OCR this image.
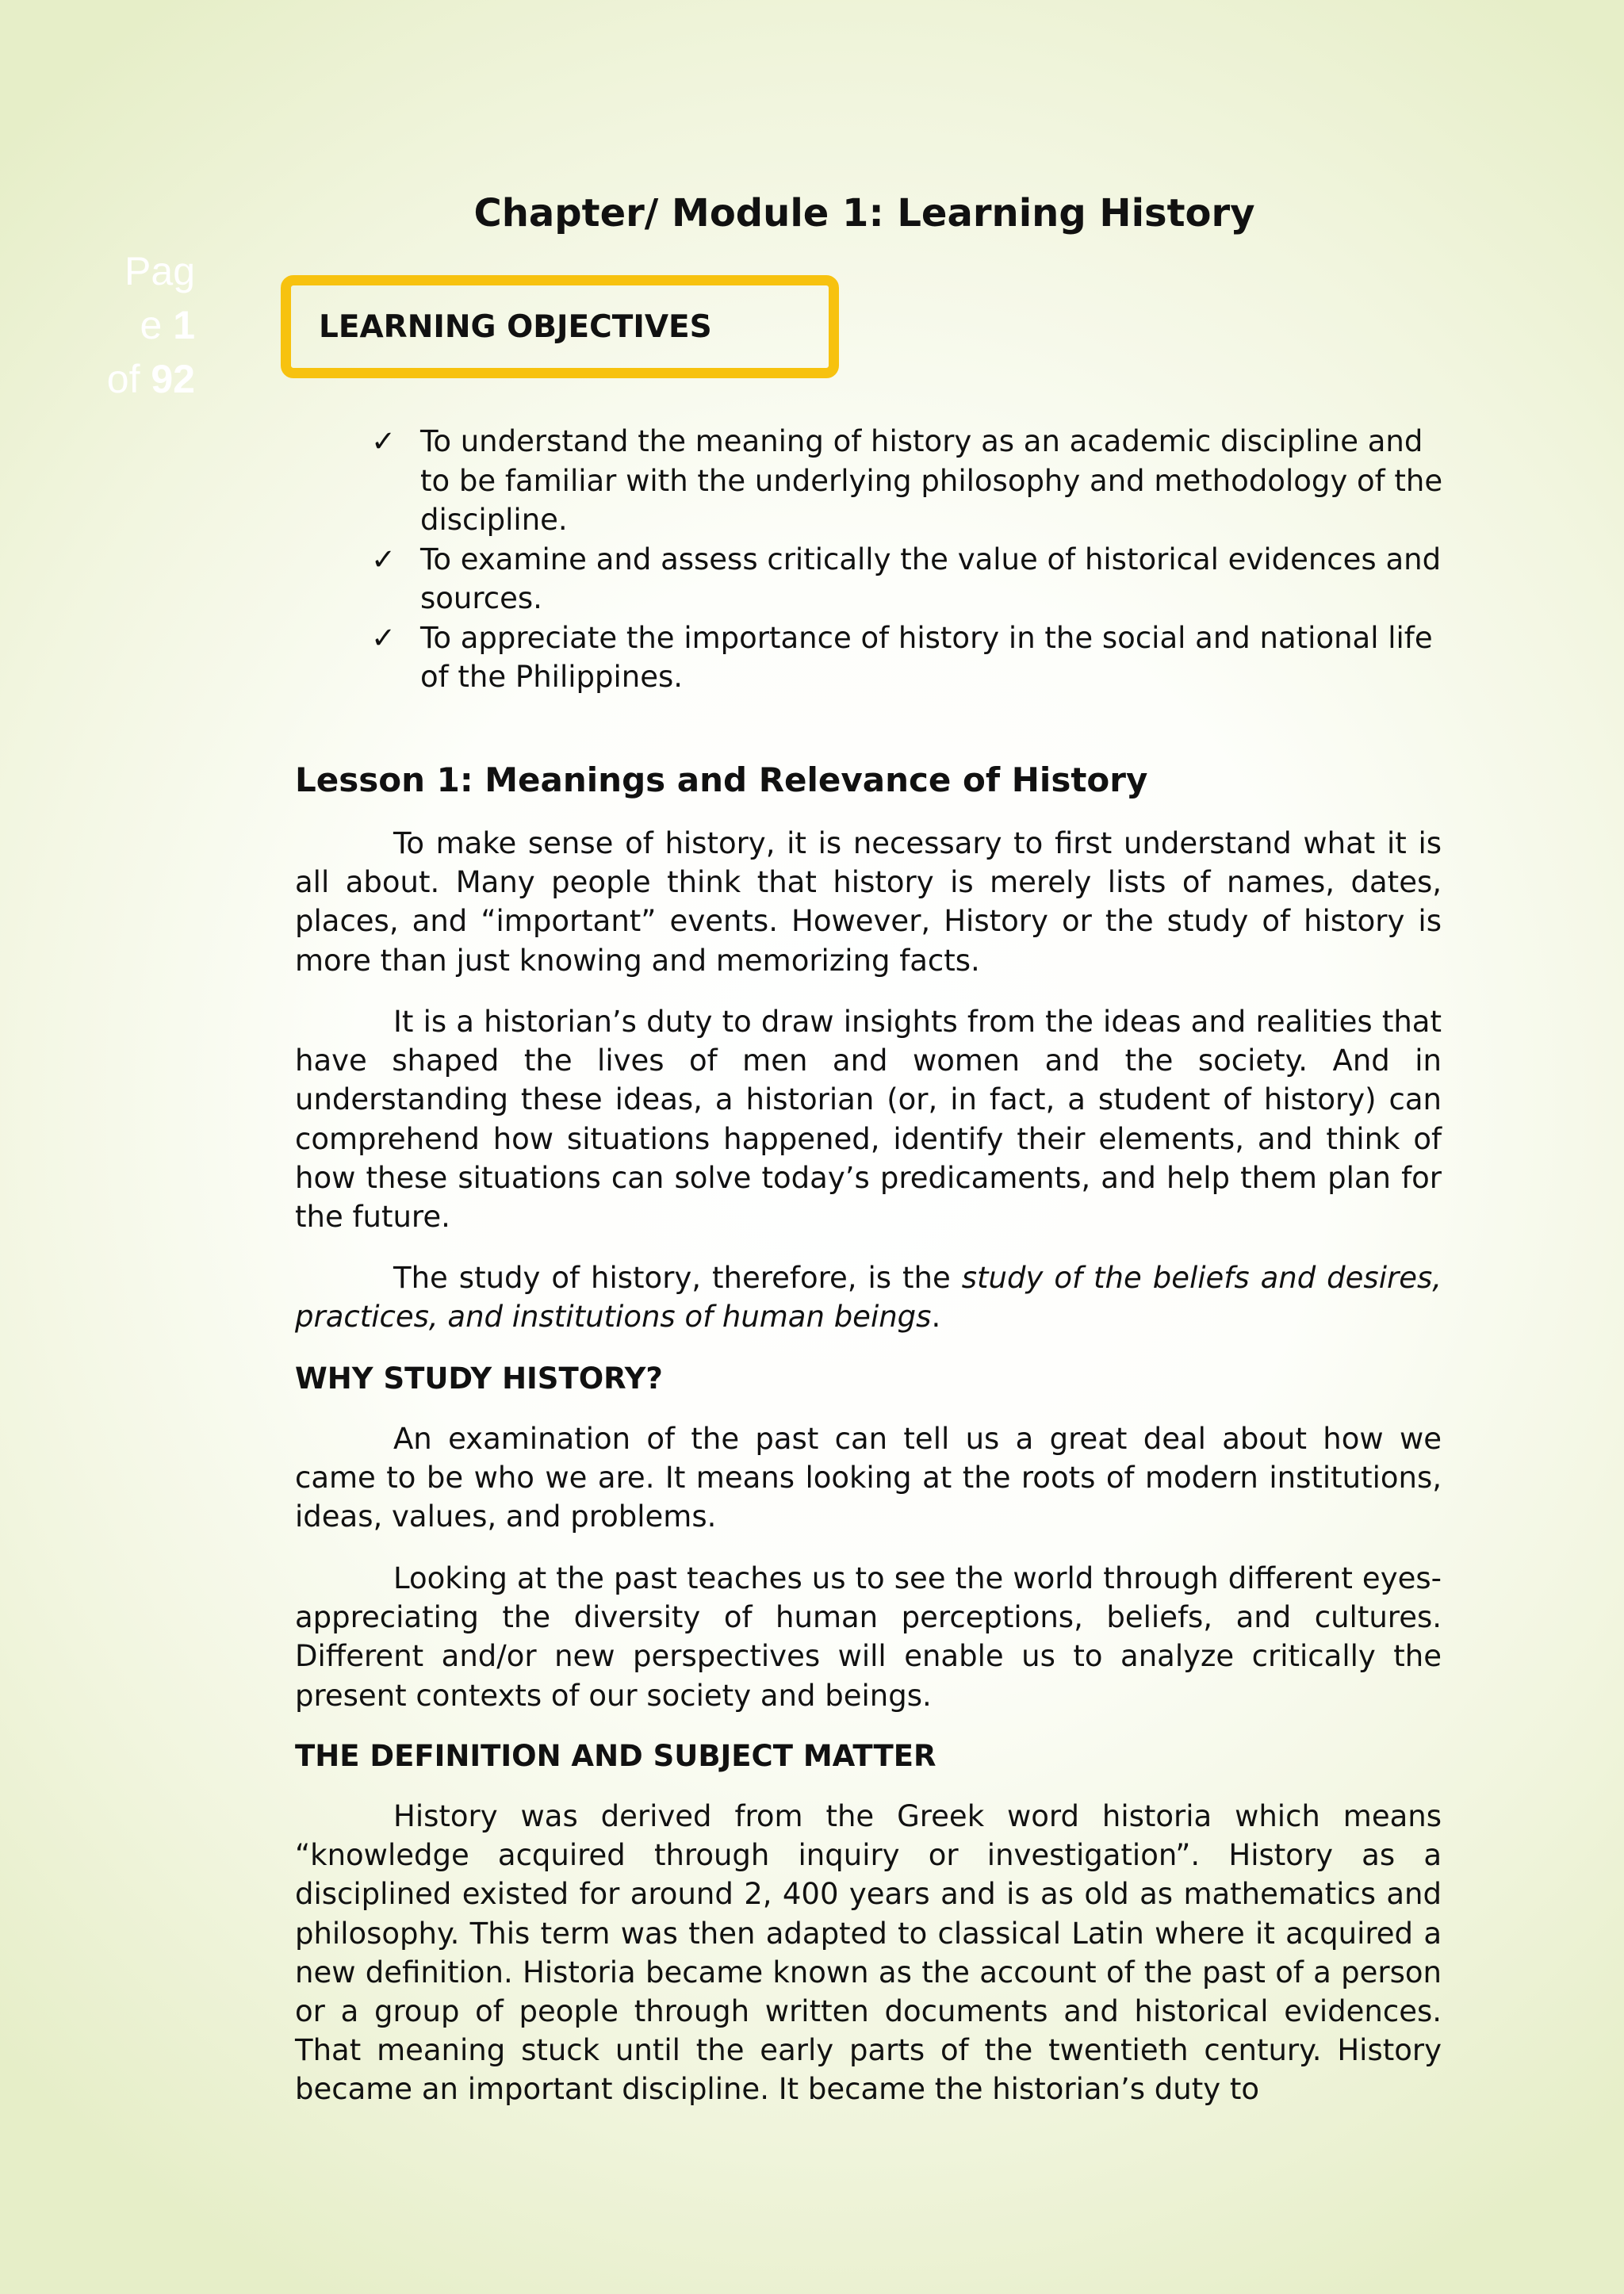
Pag
e 1
of 92
Chapter/ Module 1: Learning History
LEARNING OBJECTIVES
✓ To understand the meaning of history as an academic discipline and to be familiar with the underlying philosophy and methodology of the discipline.
✓ To examine and assess critically the value of historical evidences and sources.
✓ To appreciate the importance of history in the social and national life of the Philippines.
Lesson 1: Meanings and Relevance of History

To make sense of history, it is necessary to first understand what it is all about. Many people think that history is merely lists of names, dates, places, and “important” events. However, History or the study of history is more than just knowing and memorizing facts.

It is a historian’s duty to draw insights from the ideas and realities that have shaped the lives of men and women and the society. And in understanding these ideas, a historian (or, in fact, a student of history) can comprehend how situations happened, identify their elements, and think of how these situations can solve today’s predicaments, and help them plan for the future.

The study of history, therefore, is the study of the beliefs and desires, practices, and institutions of human beings.

WHY STUDY HISTORY?

An examination of the past can tell us a great deal about how we came to be who we are. It means looking at the roots of modern institutions, ideas, values, and problems.

Looking at the past teaches us to see the world through different eyes-appreciating the diversity of human perceptions, beliefs, and cultures. Different and/or new perspectives will enable us to analyze critically the present contexts of our society and beings.

THE DEFINITION AND SUBJECT MATTER

History was derived from the Greek word historia which means “knowledge acquired through inquiry or investigation”. History as a disciplined existed for around 2, 400 years and is as old as mathematics and philosophy. This term was then adapted to classical Latin where it acquired a new definition. Historia became known as the account of the past of a person or a group of people through written documents and historical evidences. That meaning stuck until the early parts of the twentieth century. History became an important discipline. It became the historian’s duty to
